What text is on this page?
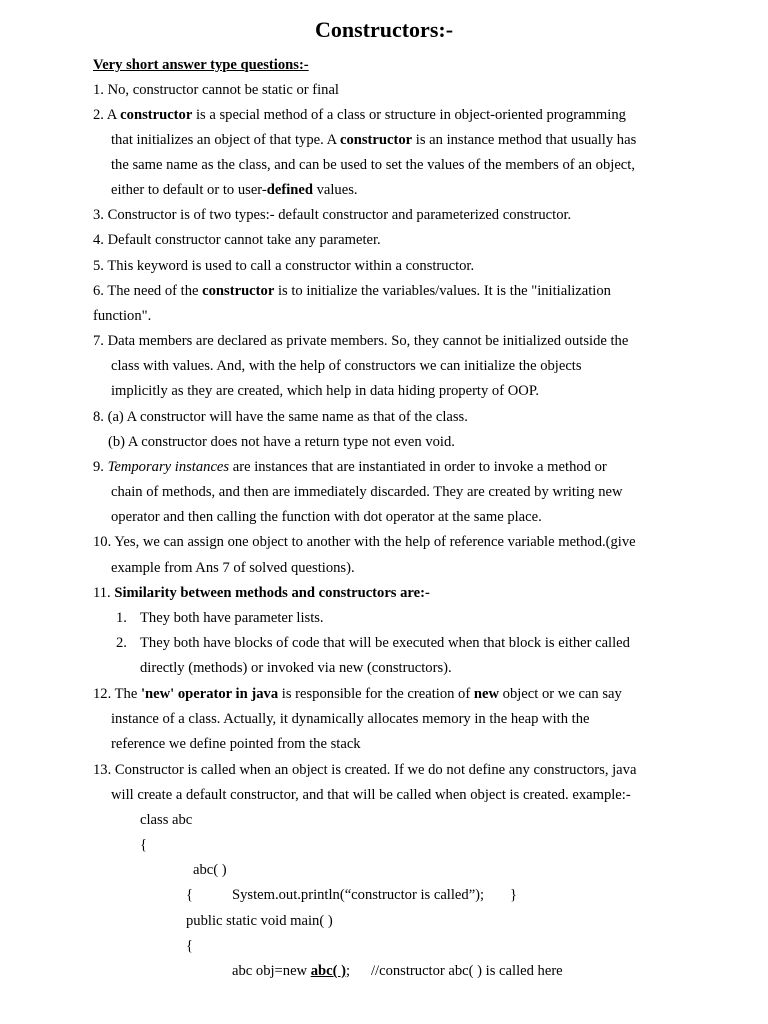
Constructors:-
Very short answer type questions:-
1. No, constructor cannot be static or final
2. A constructor is a special method of a class or structure in object-oriented programming
that initializes an object of that type. A constructor is an instance method that usually has
the same name as the class, and can be used to set the values of the members of an object,
either to default or to user-defined values.
3. Constructor is of two types:- default constructor and parameterized constructor.
4. Default constructor cannot take any parameter.
5. This keyword is used to call a constructor within a constructor.
6. The need of the constructor is to initialize the variables/values. It is the "initialization
function".
7. Data members are declared as private members. So, they cannot be initialized outside the
class with values. And, with the help of constructors we can initialize the objects
implicitly as they are created, which help in data hiding property of OOP.
8. (a) A constructor will have the same name as that of the class.
(b) A constructor does not have a return type not even void.
9. Temporary instances are instances that are instantiated in order to invoke a method or
chain of methods, and then are immediately discarded. They are created by writing new
operator and then calling the function with dot operator at the same place.
10. Yes, we can assign one object to another with the help of reference variable method.(give
example from Ans 7 of solved questions).
11. Similarity between methods and constructors are:-
1. They both have parameter lists.
2. They both have blocks of code that will be executed when that block is either called
directly (methods) or invoked via new (constructors).
12. The 'new' operator in java is responsible for the creation of new object or we can say
instance of a class. Actually, it dynamically allocates memory in the heap with the
reference we define pointed from the stack
13. Constructor is called when an object is created. If we do not define any constructors, java
will create a default constructor, and that will be called when object is created. example:-
class abc
{
abc( )
{	System.out.println(“constructor is called”); }
public static void main( )
{
abc obj=new abc( ); //constructor abc( ) is called here
